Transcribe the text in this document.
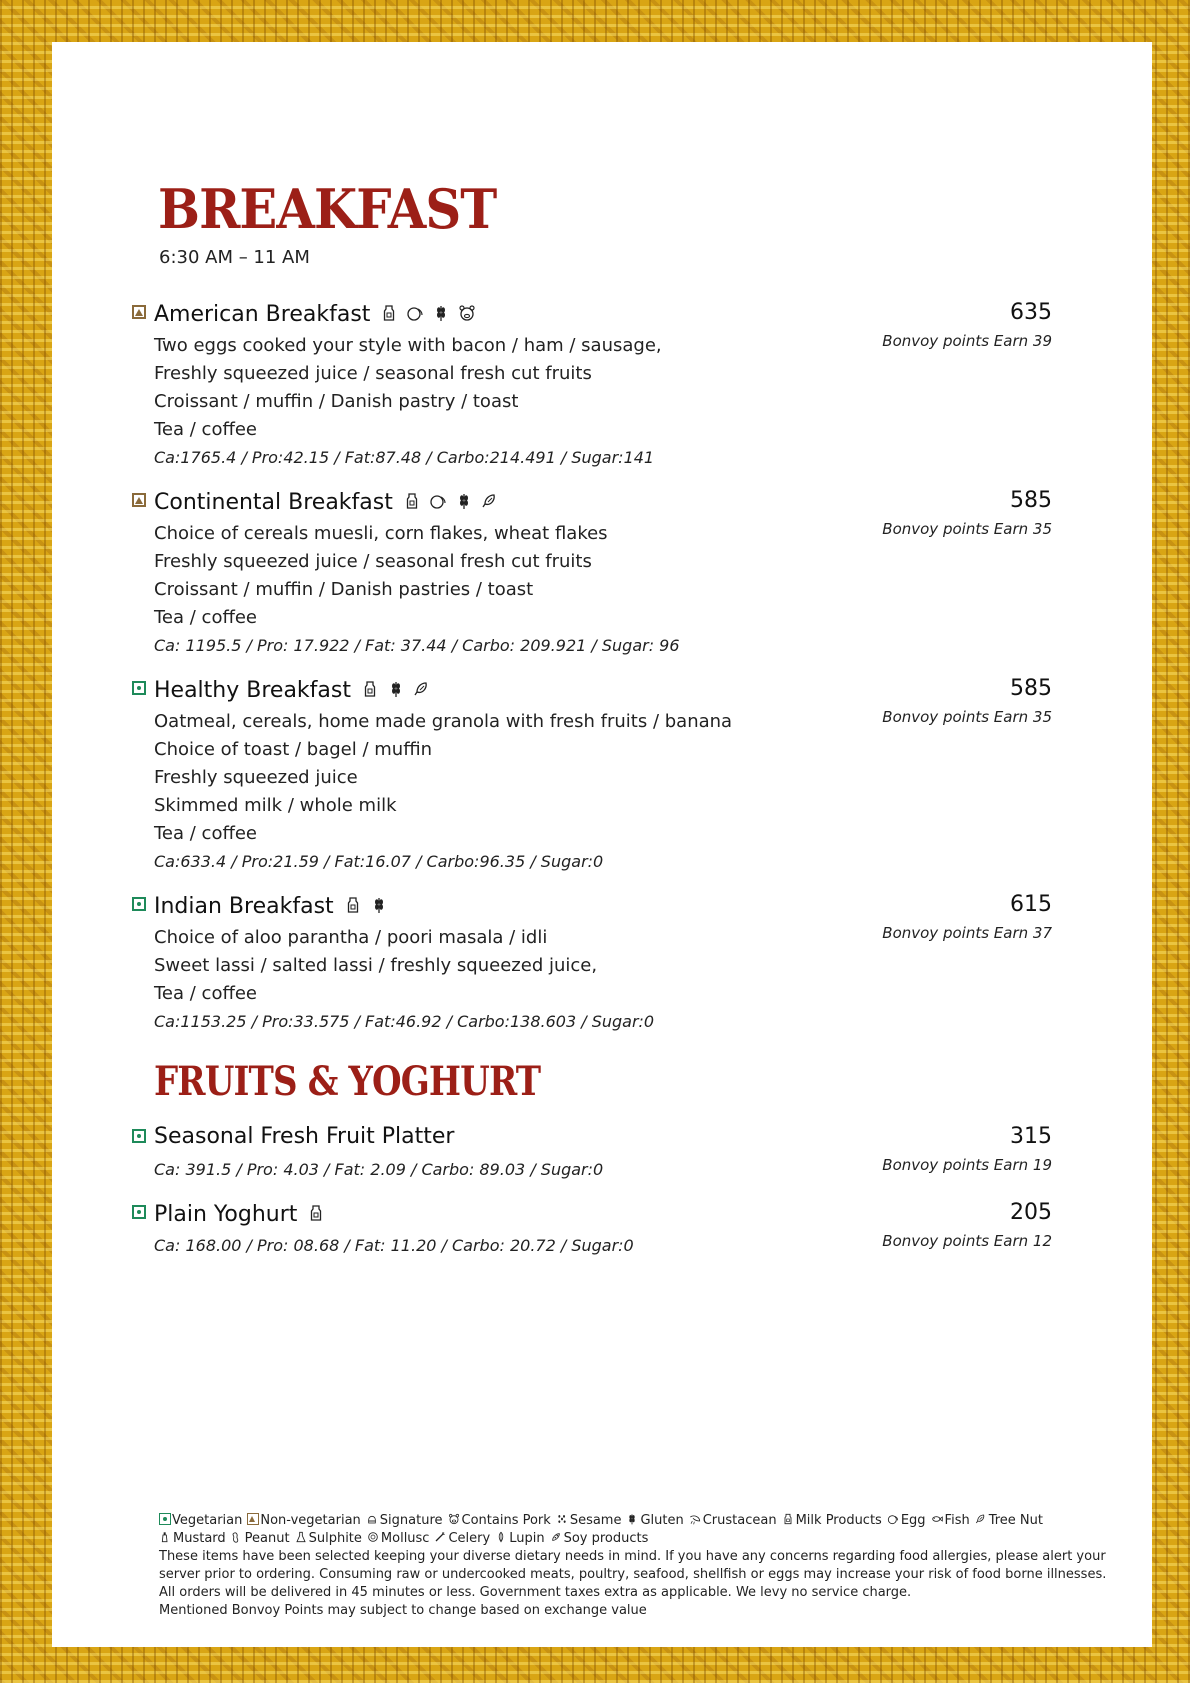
BREAKFAST
6:30 AM – 11 AM
FRUITS & YOGHURT
Vegetarian Non-vegetarian Signature Contains Pork Sesame Gluten Crustacean Milk Products Egg Fish Tree Nut
Mustard Peanut Sulphite Mollusc Celery Lupin Soy products
These items have been selected keeping your diverse dietary needs in mind. If you have any concerns regarding food allergies, please alert your
server prior to ordering. Consuming raw or undercooked meats, poultry, seafood, shellfish or eggs may increase your risk of food borne illnesses.
All orders will be delivered in 45 minutes or less. Government taxes extra as applicable. We levy no service charge.
Mentioned Bonvoy Points may subject to change based on exchange value
American Breakfast	635
Bonvoy points Earn 39
Two eggs cooked your style with bacon / ham / sausage,
Freshly squeezed juice / seasonal fresh cut fruits
Croissant / muffin / Danish pastry / toast
Tea / coffee
Ca:1765.4 / Pro:42.15 / Fat:87.48 / Carbo:214.491 / Sugar:141
Continental Breakfast	585
Bonvoy points Earn 35
Choice of cereals muesli, corn flakes, wheat flakes
Freshly squeezed juice / seasonal fresh cut fruits
Croissant / muffin / Danish pastries / toast
Tea / coffee
Ca: 1195.5 / Pro: 17.922 / Fat: 37.44 / Carbo: 209.921 / Sugar: 96
Healthy Breakfast	585
Bonvoy points Earn 35
Oatmeal, cereals, home made granola with fresh fruits / banana
Choice of toast / bagel / muffin
Freshly squeezed juice
Skimmed milk / whole milk
Tea / coffee
Ca:633.4 / Pro:21.59 / Fat:16.07 / Carbo:96.35 / Sugar:0
Indian Breakfast	615
Bonvoy points Earn 37
Choice of aloo parantha / poori masala / idli
Sweet lassi / salted lassi / freshly squeezed juice,
Tea / coffee
Ca:1153.25 / Pro:33.575 / Fat:46.92 / Carbo:138.603 / Sugar:0
Seasonal Fresh Fruit Platter	315
Bonvoy points Earn 19
Ca: 391.5 / Pro: 4.03 / Fat: 2.09 / Carbo: 89.03 / Sugar:0
Plain Yoghurt	205
Bonvoy points Earn 12
Ca: 168.00 / Pro: 08.68 / Fat: 11.20 / Carbo: 20.72 / Sugar:0
